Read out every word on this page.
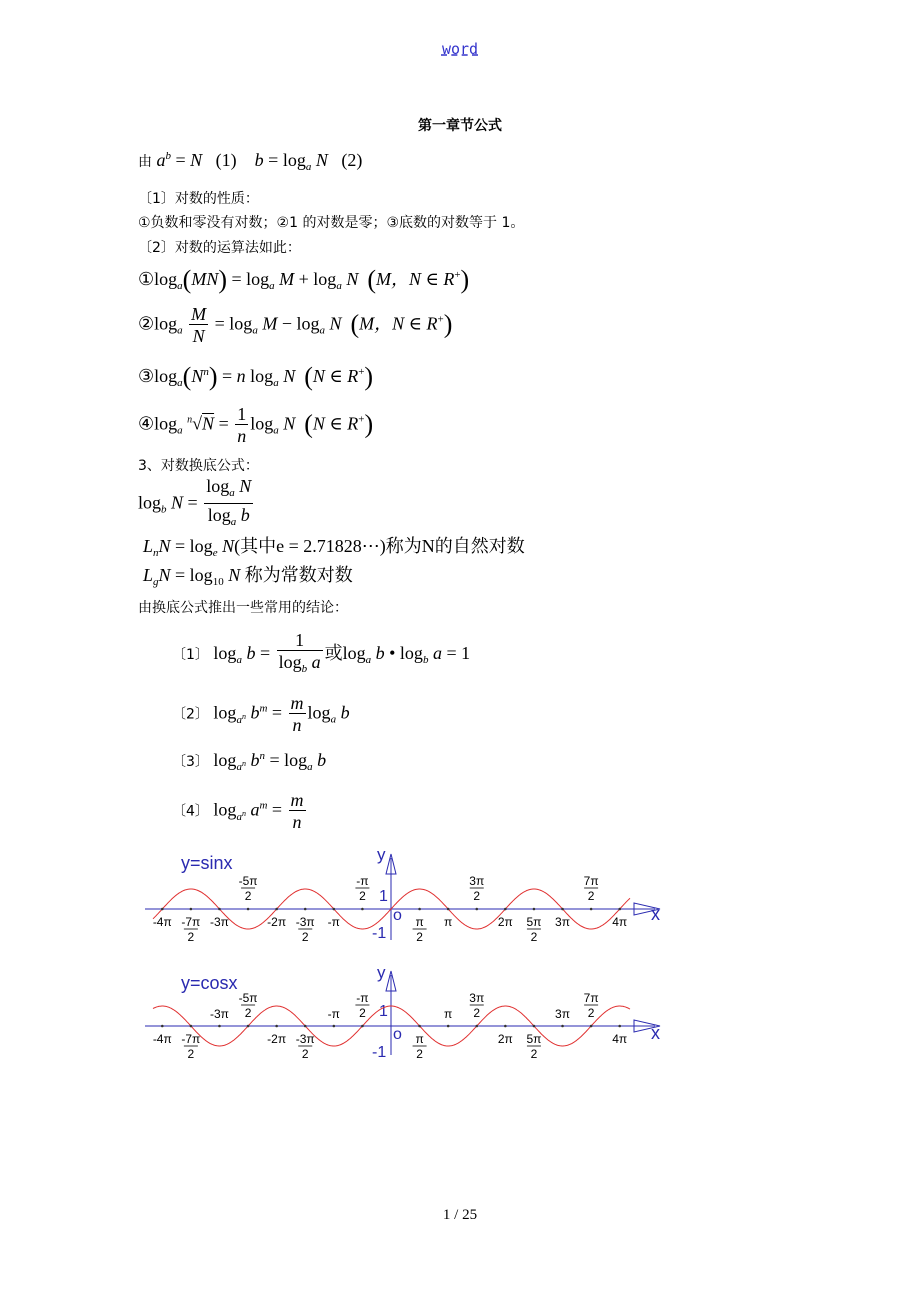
word
第一章节公式
由 $a^b = N$ (1) $b = \log_a N$ (2)
〔1〕对数的性质：
①负数和零没有对数；②1 的对数是零；③底数的对数等于 1。
〔2〕对数的运算法如此：
$①\log_a(MN) = \log_a M + \log_a N$ (M，N ∈ R+)
$②\log_a \frac{M}{N} = \log_a M - \log_a N$ (M，N ∈ R+)
$③\log_a(N^n) = n$ $\log_a N$ (N ∈ R+)
$④\log_a$ $^n√N = \frac{1}{n} \log_a N$ (N ∈ R+)
3、对数换底公式：
$\log_b N = \frac{\log_a N}{\log_a b}$
$L_nN = \log_e N$(其中e = 2.71828⋯)称为N的自然对数
$L_gN = \log_{10} N$ 称为常数对数
由换底公式推出一些常用的结论：
〔1〕 $\log_a b = \frac{1}{\log_b a}$ 或$\log_a b$ • $\log_b a = 1$
〔2〕 $\log_{a^n} b^m = \frac{m}{n} \log_a b$
〔3〕 $\log_{a^n} b^n = \log_a b$
〔4〕 $\log_{a^n} a^m = \frac{m}{n}$
y=sinx
x
y
o
1
-1
-5π
2
-π
2
3π
2
7π
2
-4π -7π
2
-3π	-2π -3π
2
-π	π
2
π	2π 5π
2
3π	4π
y=cosx
x
y
o
1
-1
-3π
-5π
2	-π
-π
2
3π
2
π	3π
7π
2
-4π -7π
2
-2π -3π
2
π
2
2π 5π
2
4π
1 / 25
